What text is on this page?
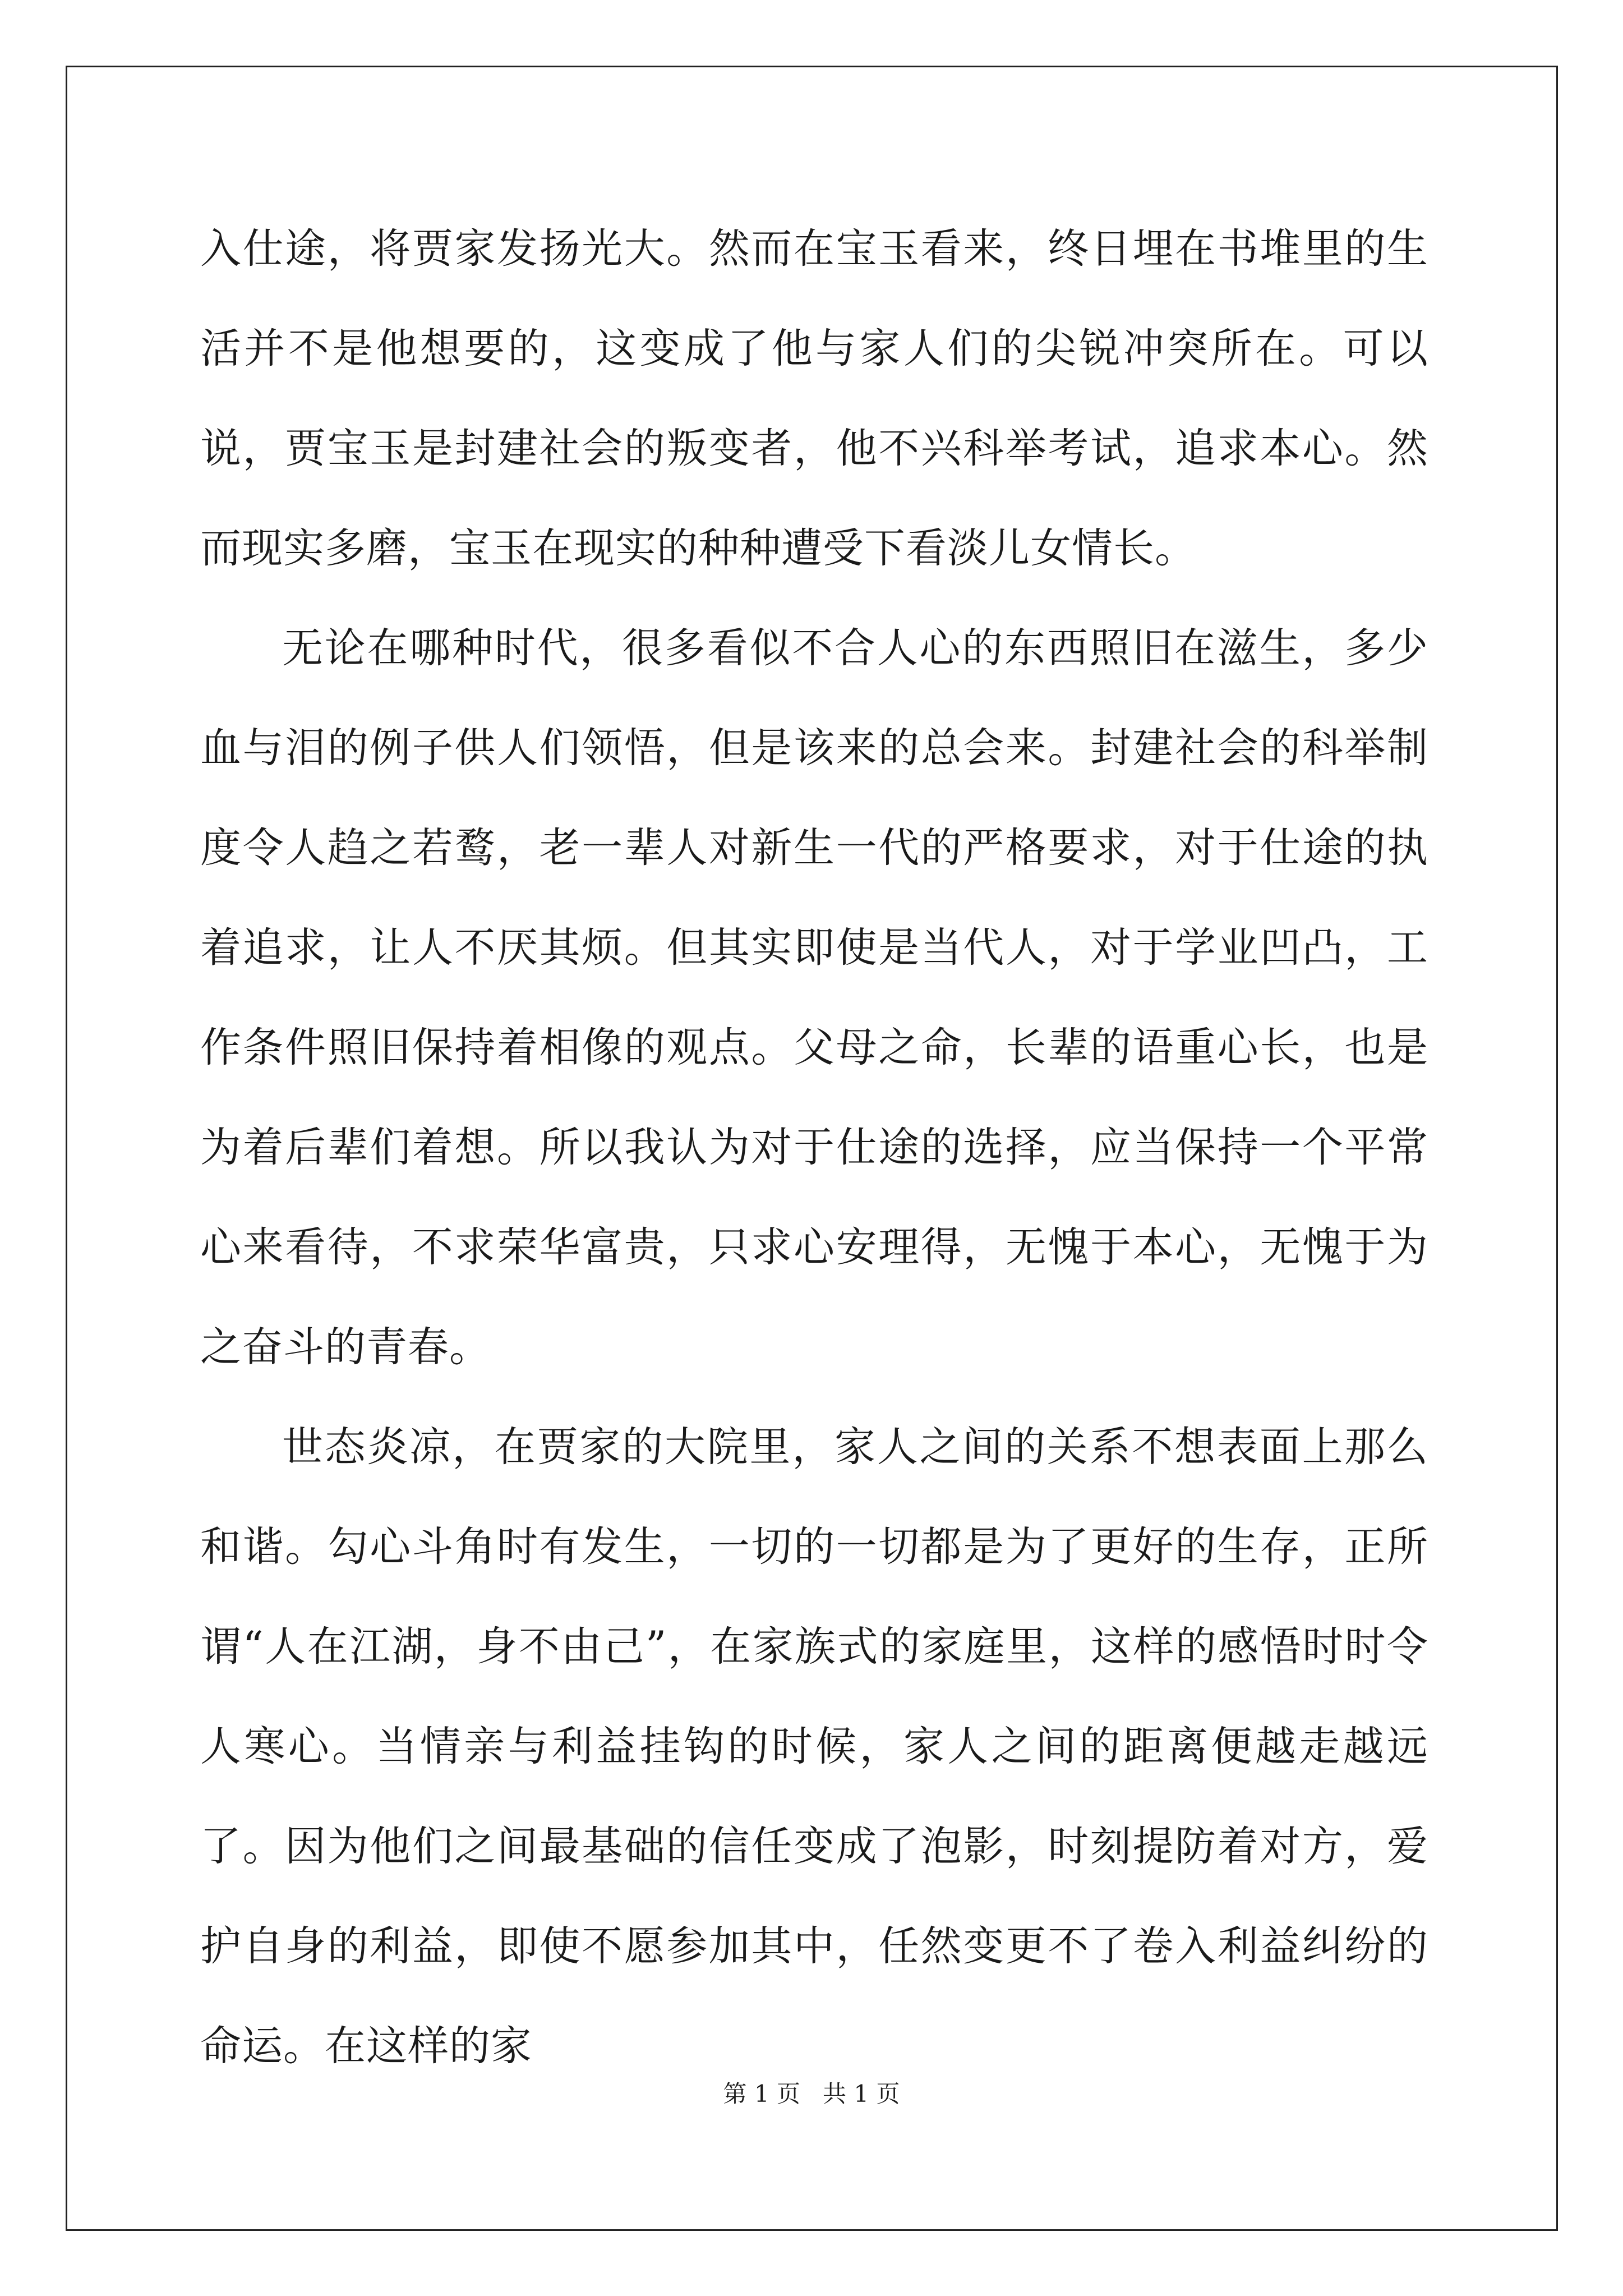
入仕途，将贾家发扬光大。然而在宝玉看来，终日埋在书堆里的生活并不是他想要的，这变成了他与家人们的尖锐冲突所在。可以说，贾宝玉是封建社会的叛变者，他不兴科举考试，追求本心。然而现实多磨，宝玉在现实的种种遭受下看淡儿女情长。

无论在哪种时代，很多看似不合人心的东西照旧在滋生，多少血与泪的例子供人们领悟，但是该来的总会来。封建社会的科举制度令人趋之若鹜，老一辈人对新生一代的严格要求，对于仕途的执着追求，让人不厌其烦。但其实即使是当代人，对于学业凹凸，工作条件照旧保持着相像的观点。父母之命，长辈的语重心长，也是为着后辈们着想。所以我认为对于仕途的选择，应当保持一个平常心来看待，不求荣华富贵，只求心安理得，无愧于本心，无愧于为之奋斗的青春。

世态炎凉，在贾家的大院里，家人之间的关系不想表面上那么和谐。勾心斗角时有发生，一切的一切都是为了更好的生存，正所谓“人在江湖，身不由己”，在家族式的家庭里，这样的感悟时时令人寒心。当情亲与利益挂钩的时候，家人之间的距离便越走越远了。因为他们之间最基础的信任变成了泡影，时刻提防着对方，爱护自身的利益，即使不愿参加其中，任然变更不了卷入利益纠纷的命运。在这样的家

第 1 页   共 1 页
